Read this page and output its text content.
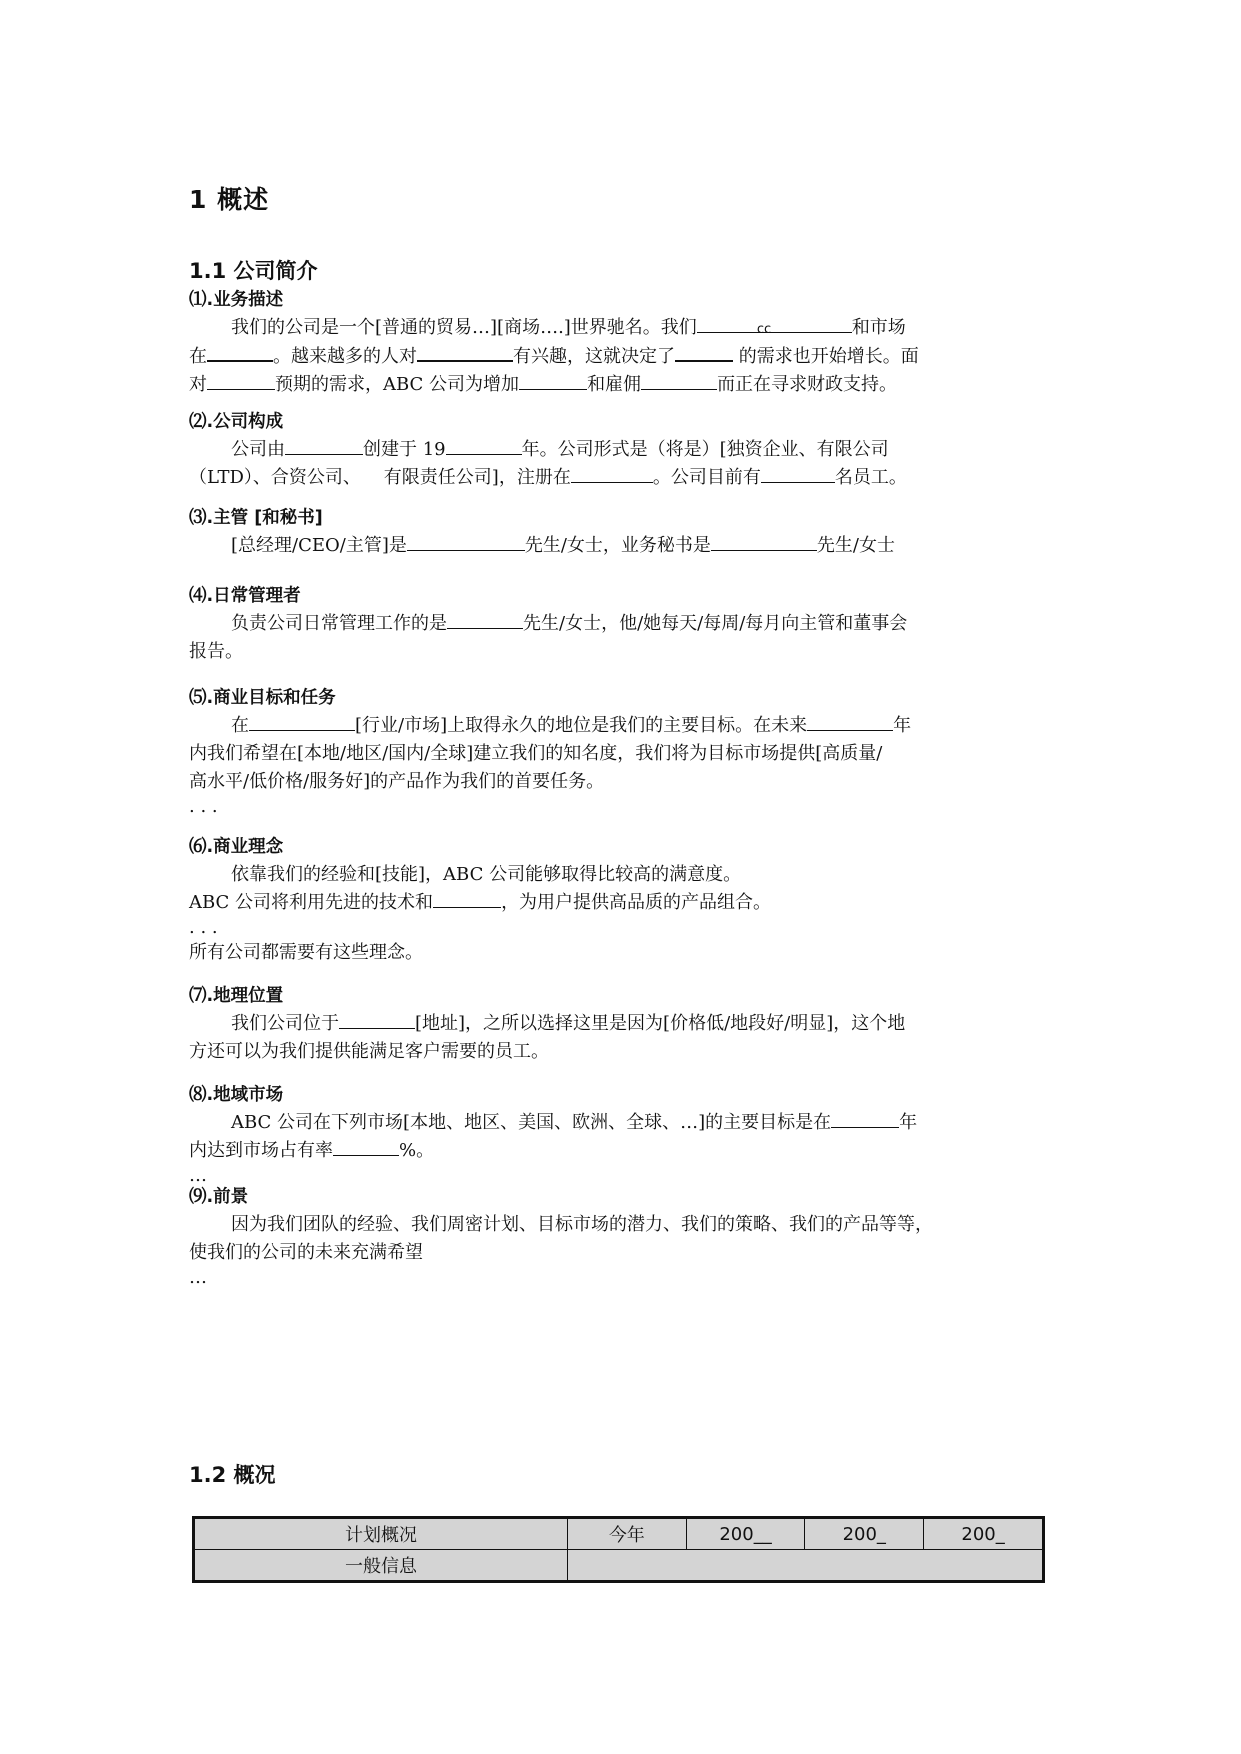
1 概述
1.1 公司简介
⑴.业务描述

我们的公司是一个[普通的贸易…][商场….]世界驰名。我们	cc	和市场

在	。越来越多的人对	有兴趣，这就决定了	的需求也开始增长。面

对	预期的需求，ABC 公司为增加	和雇佣	而正在寻求财政支持。

⑵.公司构成

公司由	创建于 19	年。公司形式是（将是）[独资企业、有限公司

（LTD）、合资公司、    有限责任公司]，注册在	。公司目前有	名员工。

⑶.主管 [和秘书]

[总经理/CEO/主管]是	先生/女士，业务秘书是	先生/女士

⑷.日常管理者

负责公司日常管理工作的是	先生/女士，他/她每天/每周/每月向主管和董事会

报告。

⑸.商业目标和任务

在	[行业/市场]上取得永久的地位是我们的主要目标。在未来	年

内我们希望在[本地/地区/国内/全球]建立我们的知名度，我们将为目标市场提供[高质量/

高水平/低价格/服务好]的产品作为我们的首要任务。

. . .

⑹.商业理念

依靠我们的经验和[技能]，ABC 公司能够取得比较高的满意度。

ABC 公司将利用先进的技术和	，为用户提供高品质的产品组合。

. . .

所有公司都需要有这些理念。

⑺.地理位置

我们公司位于	[地址]，之所以选择这里是因为[价格低/地段好/明显]，这个地

方还可以为我们提供能满足客户需要的员工。

⑻.地域市场

ABC 公司在下列市场[本地、地区、美国、欧洲、全球、…]的主要目标是在	年

内达到市场占有率	%。

…

⑼.前景

因为我们团队的经验、我们周密计划、目标市场的潜力、我们的策略、我们的产品等等，

使我们的公司的未来充满希望

…

1.2 概况
计划概况	今年	200__	200_	200_
一般信息				
